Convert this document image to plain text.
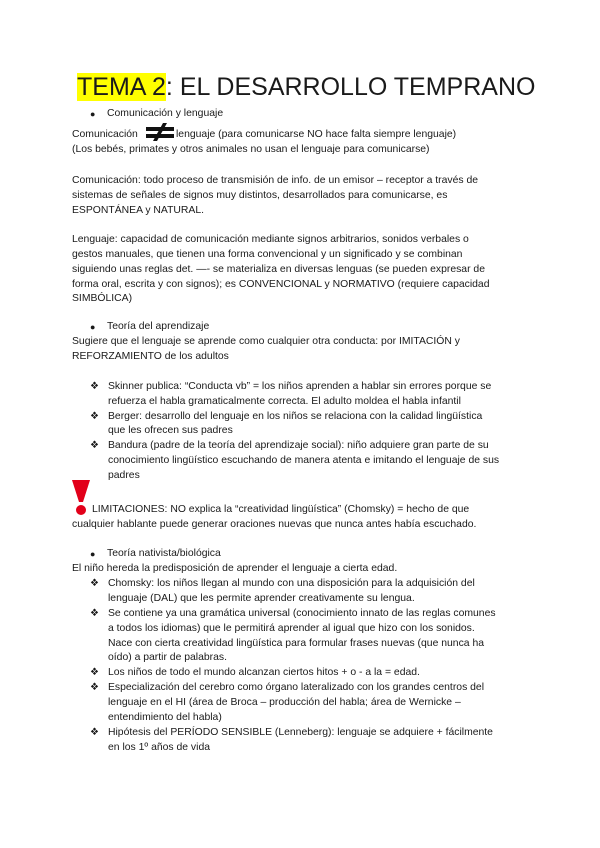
TEMA 2: EL DESARROLLO TEMPRANO
● Comunicación y lenguaje

Comunicación	lenguaje (para comunicarse NO hace falta siempre lenguaje)

(Los bebés, primates y otros animales no usan el lenguaje para comunicarse)

Comunicación: todo proceso de transmisión de info. de un emisor – receptor a través de

sistemas de señales de signos muy distintos, desarrollados para comunicarse, es

ESPONTÁNEA y NATURAL.

Lenguaje: capacidad de comunicación mediante signos arbitrarios, sonidos verbales o

gestos manuales, que tienen una forma convencional y un significado y se combinan

siguiendo unas reglas det. —- se materializa en diversas lenguas (se pueden expresar de

forma oral, escrita y con signos); es CONVENCIONAL y NORMATIVO (requiere capacidad

SIMBÓLICA)

● Teoría del aprendizaje

Sugiere que el lenguaje se aprende como cualquier otra conducta: por IMITACIÓN y

REFORZAMIENTO de los adultos

❖ Skinner publica: “Conducta vb” = los niños aprenden a hablar sin errores porque se

refuerza el habla gramaticalmente correcta. El adulto moldea el habla infantil

❖ Berger: desarrollo del lenguaje en los niños se relaciona con la calidad lingüística

que les ofrecen sus padres

❖ Bandura (padre de la teoría del aprendizaje social): niño adquiere gran parte de su

conocimiento lingüístico escuchando de manera atenta e imitando el lenguaje de sus

padres

LIMITACIONES: NO explica la “creatividad lingüística” (Chomsky) = hecho de que

cualquier hablante puede generar oraciones nuevas que nunca antes había escuchado.

● Teoría nativista/biológica

El niño hereda la predisposición de aprender el lenguaje a cierta edad.

❖ Chomsky: los niños llegan al mundo con una disposición para la adquisición del

lenguaje (DAL) que les permite aprender creativamente su lengua.

❖ Se contiene ya una gramática universal (conocimiento innato de las reglas comunes

a todos los idiomas) que le permitirá aprender al igual que hizo con los sonidos.

Nace con cierta creatividad lingüística para formular frases nuevas (que nunca ha

oído) a partir de palabras.

❖ Los niños de todo el mundo alcanzan ciertos hitos + o - a la = edad.

❖ Especialización del cerebro como órgano lateralizado con los grandes centros del

lenguaje en el HI (área de Broca – producción del habla; área de Wernicke –

entendimiento del habla)

❖ Hipótesis del PERÍODO SENSIBLE (Lenneberg): lenguaje se adquiere + fácilmente

en los 1º años de vida
